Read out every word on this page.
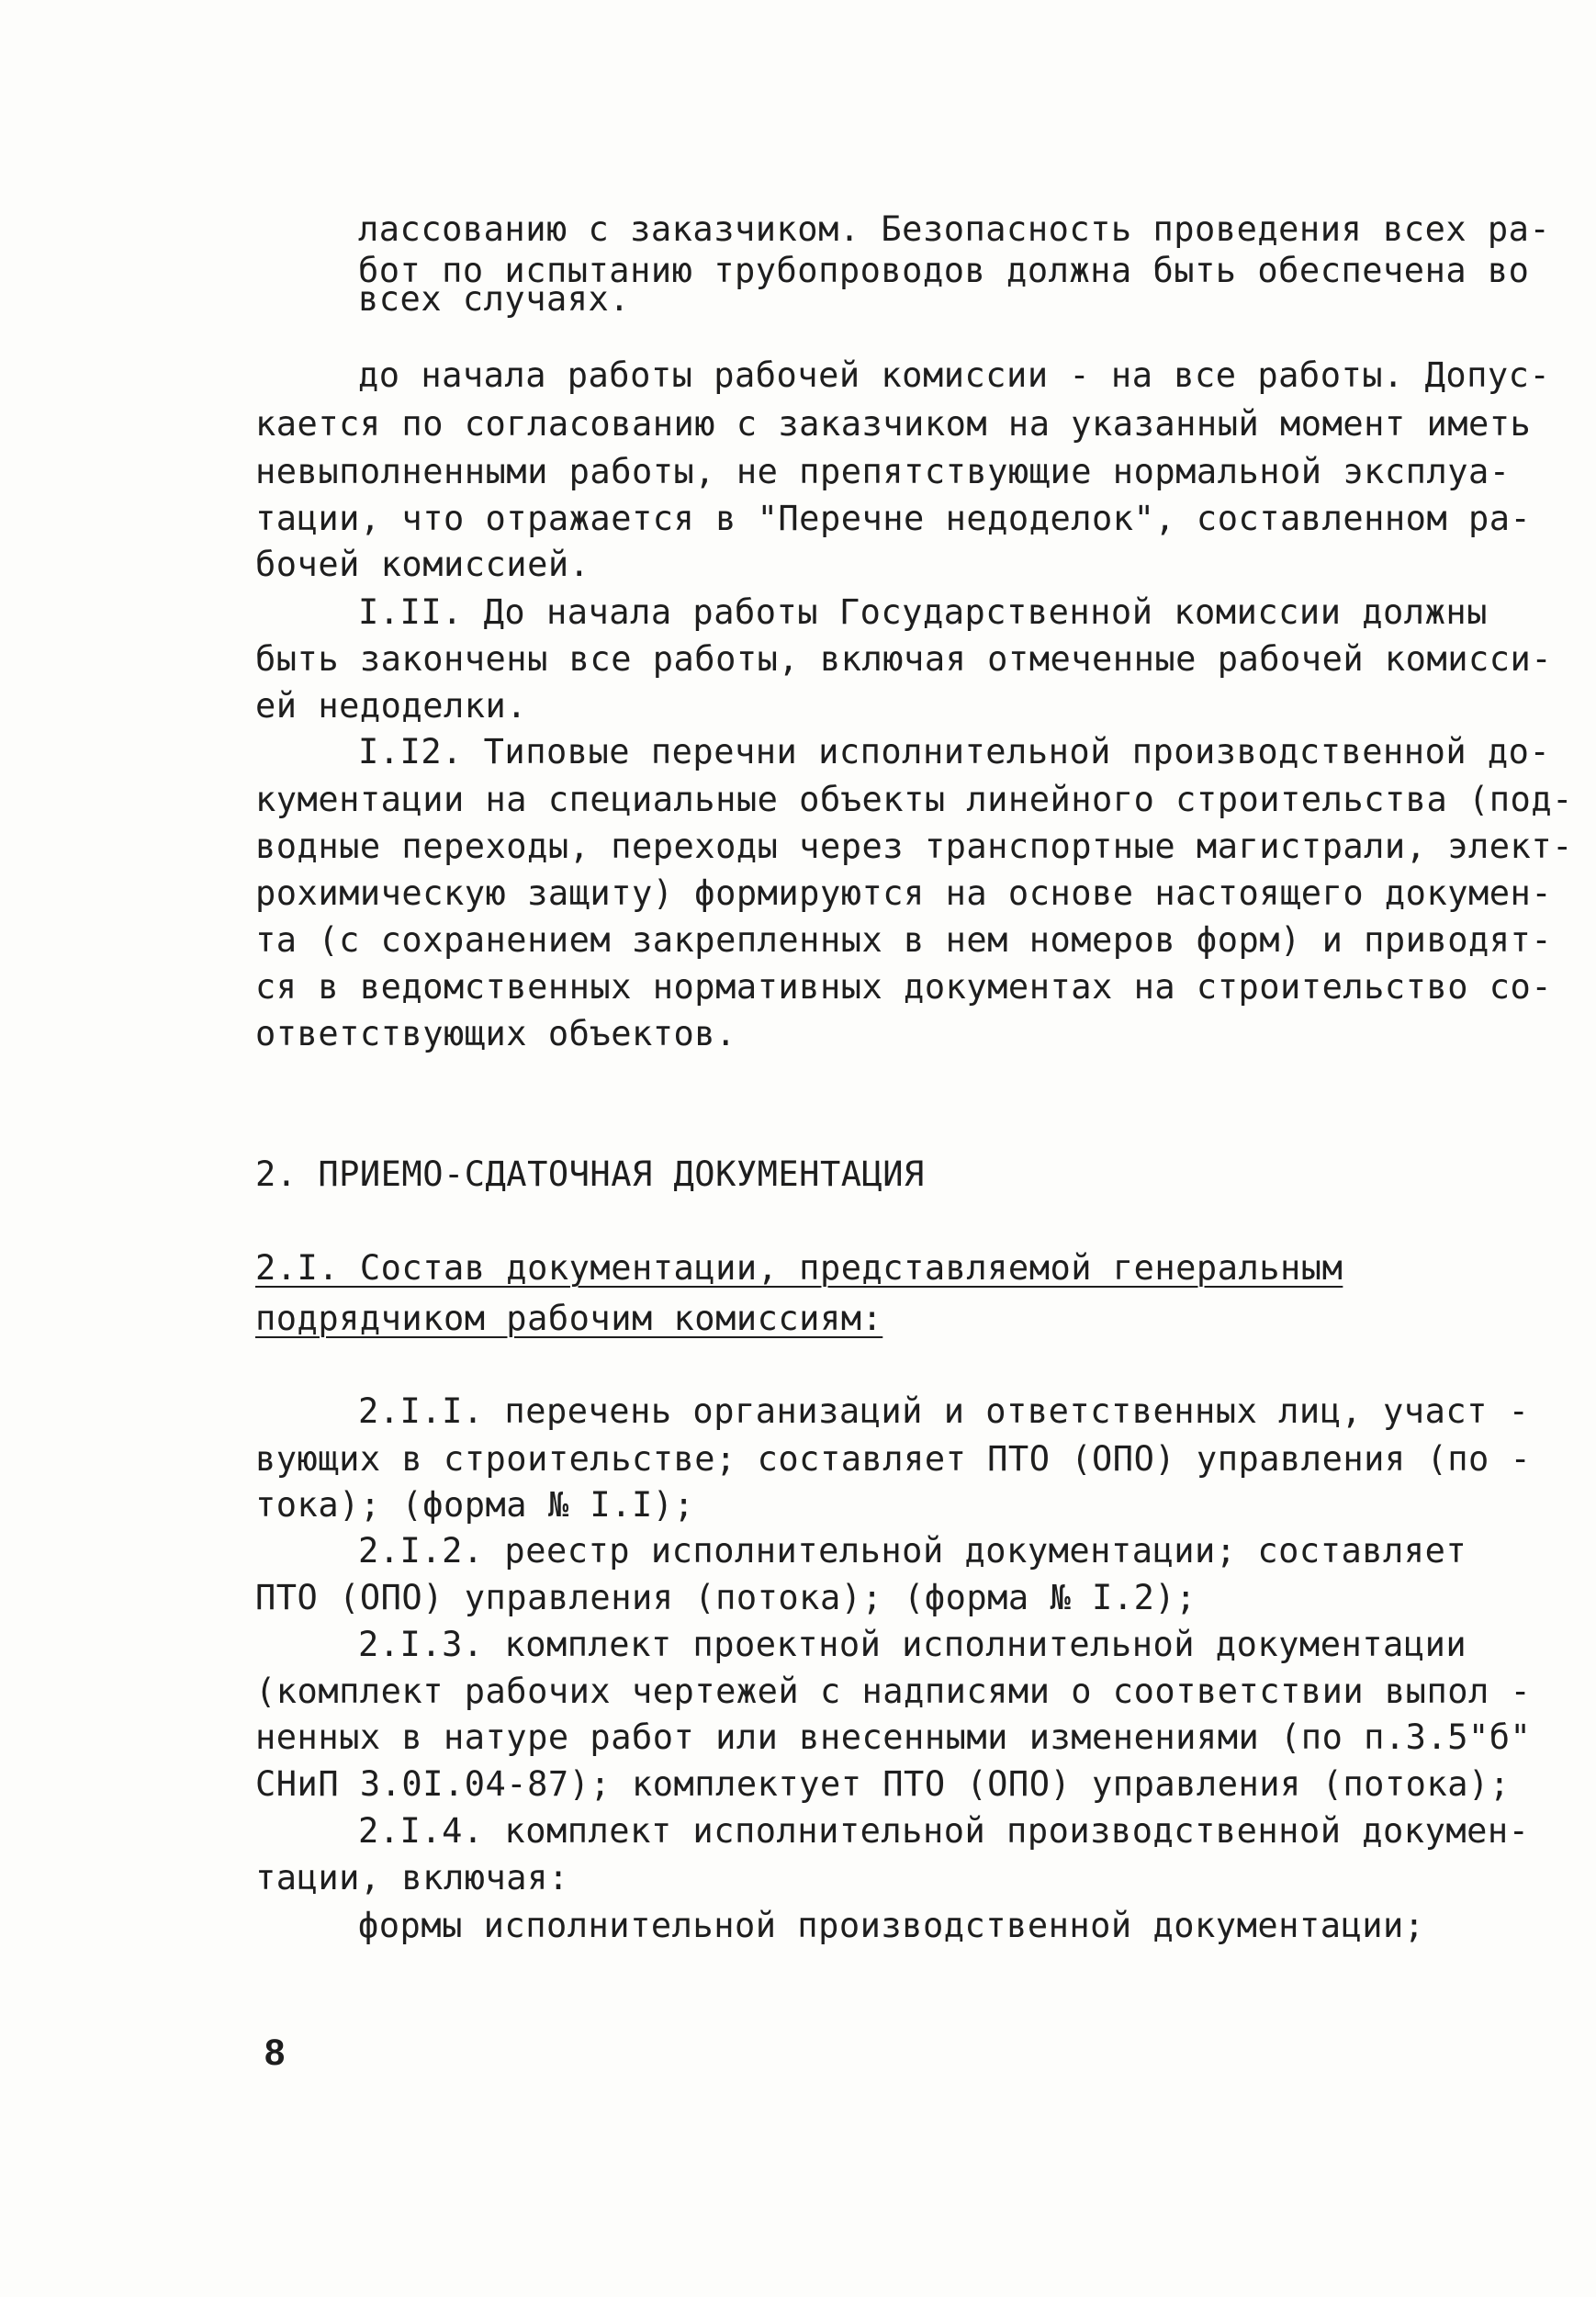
лассованию с заказчиком. Безопасность проведения всех ра-
бот по испытанию трубопроводов должна быть обеспечена во
всех случаях.
до начала работы рабочей комиссии - на все работы. Допус-
кается по согласованию с заказчиком на указанный момент иметь
невыполненными работы, не препятствующие нормальной эксплуа-
тации, что отражается в "Перечне недоделок", составленном ра-
бочей комиссией.
I.II. До начала работы Государственной комиссии должны
быть закончены все работы, включая отмеченные рабочей комисси-
ей недоделки.
I.I2. Типовые перечни исполнительной производственной до-
кументации на специальные объекты линейного строительства (под-
водные переходы, переходы через транспортные магистрали, элект-
рохимическую защиту) формируются на основе настоящего докумен-
та (с сохранением закрепленных в нем номеров форм) и приводят-
ся в ведомственных нормативных документах на строительство со-
ответствующих объектов.
2. ПРИЕМО-СДАТОЧНАЯ ДОКУМЕНТАЦИЯ
2.I. Состав документации, представляемой генеральным
подрядчиком рабочим комиссиям:
2.I.I. перечень организаций и ответственных лиц, участ -
вующих в строительстве; составляет ПТО (ОПО) управления (по -
тока); (форма № I.I);
2.I.2. реестр исполнительной документации; составляет
ПТО (ОПО) управления (потока); (форма № I.2);
2.I.3. комплект проектной исполнительной документации
(комплект рабочих чертежей с надписями о соответствии выпол -
ненных в натуре работ или внесенными изменениями (по п.3.5"б"
СНиП 3.0I.04-87); комплектует ПТО (ОПО) управления (потока);
2.I.4. комплект исполнительной производственной докумен-
тации, включая:
формы исполнительной производственной документации;
8
